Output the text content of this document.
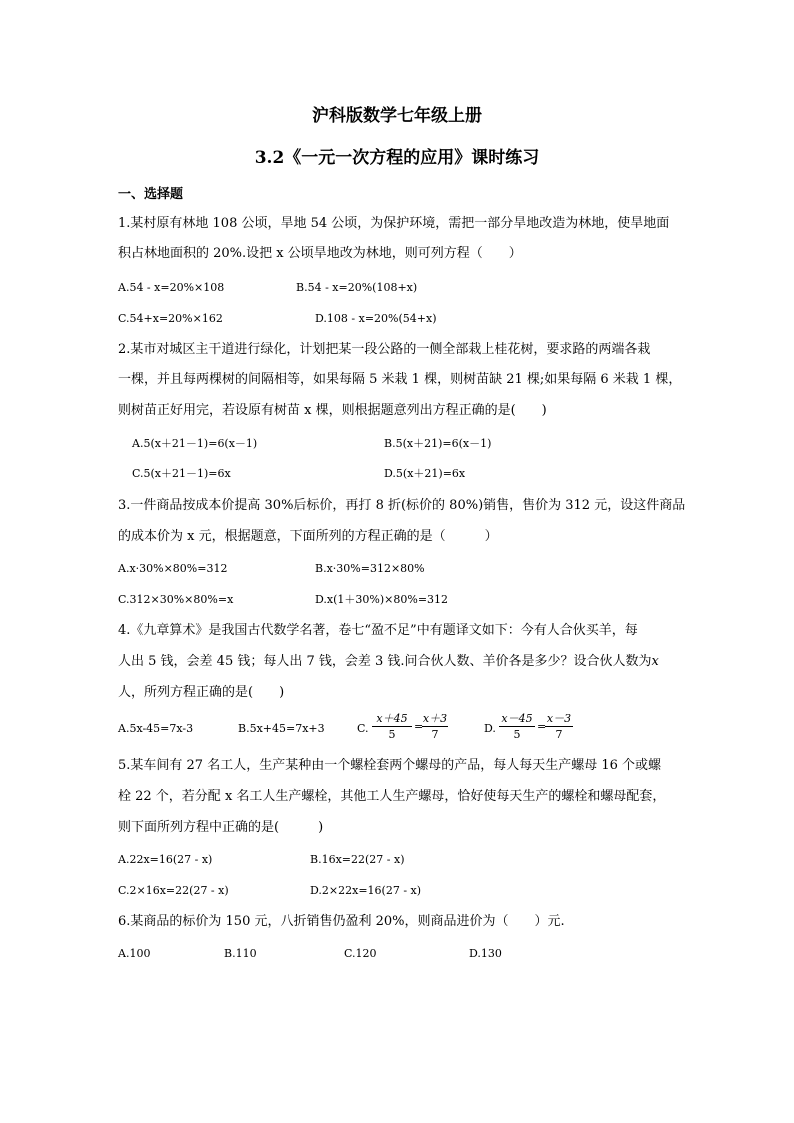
沪科版数学七年级上册
3.2《一元一次方程的应用》课时练习
一、选择题
1.某村原有林地 108 公顷，旱地 54 公顷，为保护环境，需把一部分旱地改造为林地，使旱地面
积占林地面积的 20%.设把 x 公顷旱地改为林地，则可列方程（　　）
A.54 - x=20%×108	B.54 - x=20%(108+x)
C.54+x=20%×162	D.108 - x=20%(54+x)
2.某市对城区主干道进行绿化，计划把某一段公路的一侧全部栽上桂花树，要求路的两端各栽
一棵，并且每两棵树的间隔相等，如果每隔 5 米栽 1 棵，则树苗缺 21 棵;如果每隔 6 米栽 1 棵，
则树苗正好用完，若设原有树苗 x 棵，则根据题意列出方程正确的是(　　)
A.5(x＋21－1)=6(x－1)	B.5(x＋21)=6(x－1)
C.5(x＋21－1)=6x	D.5(x＋21)=6x
3.一件商品按成本价提高 30%后标价，再打 8 折(标价的 80%)销售，售价为 312 元，设这件商品
的成本价为 x 元，根据题意，下面所列的方程正确的是（　　　）
A.x·30%×80%=312	B.x·30%=312×80%
C.312×30%×80%=x	D.x(1＋30%)×80%=312
4.《九章算术》是我国古代数学名著，卷七“盈不足”中有题译文如下：今有人合伙买羊，每
人出 5 钱，会差 45 钱；每人出 7 钱，会差 3 钱.问合伙人数、羊价各是多少？设合伙人数为x
人，所列方程正确的是(　　)
A.5x-45=7x-3	B.5x+45=7x+3	C.
x＋45
5
=
x＋3
7	D.
x－45
5
=
x－3
7
5.某车间有 27 名工人，生产某种由一个螺栓套两个螺母的产品，每人每天生产螺母 16 个或螺
栓 22 个，若分配 x 名工人生产螺栓，其他工人生产螺母，恰好使每天生产的螺栓和螺母配套，
则下面所列方程中正确的是(　　　)
A.22x=16(27 - x)	B.16x=22(27 - x)
C.2×16x=22(27 - x)	D.2×22x=16(27 - x)
6.某商品的标价为 150 元，八折销售仍盈利 20%，则商品进价为（　　）元.
A.100	B.110	C.120	D.130
